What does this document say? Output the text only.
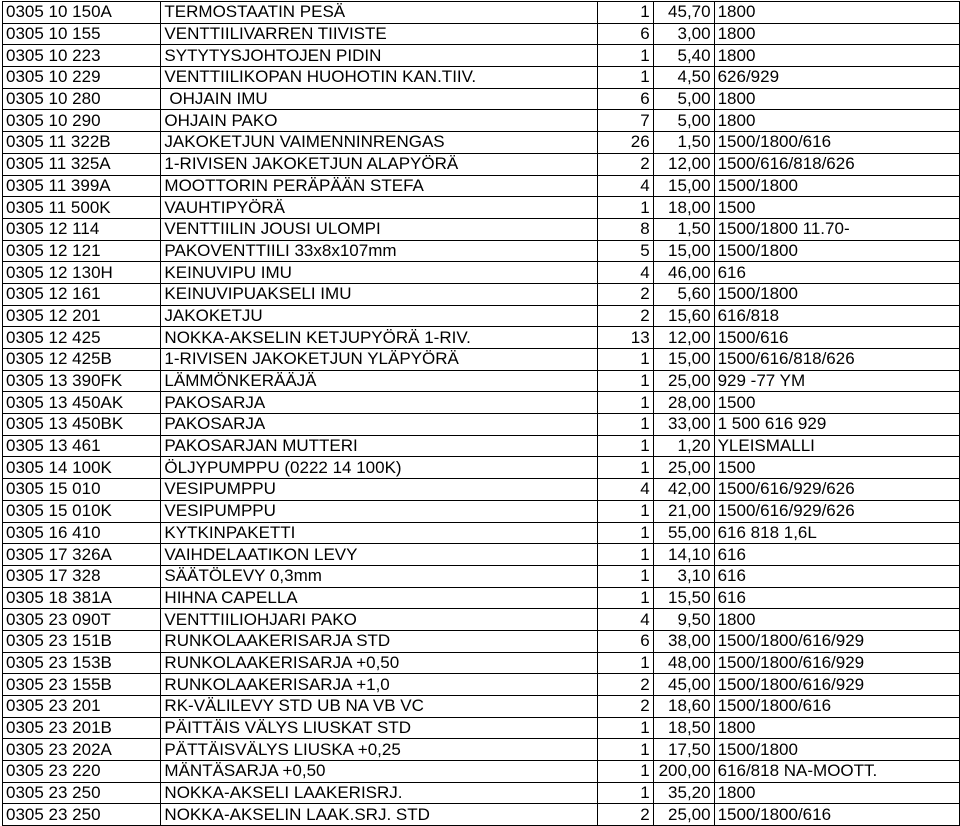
0305 10 150A	TERMOSTAATIN PESÄ	1	45,70	1800
0305 10 155	VENTTIILIVARREN TIIVISTE	6	3,00	1800
0305 10 223	SYTYTYSJOHTOJEN PIDIN	1	5,40	1800
0305 10 229	VENTTIILIKOPAN HUOHOTIN KAN.TIIV.	1	4,50	626/929
0305 10 280	OHJAIN IMU	6	5,00	1800
0305 10 290	OHJAIN PAKO	7	5,00	1800
0305 11 322B	JAKOKETJUN VAIMENNINRENGAS	26	1,50	1500/1800/616
0305 11 325A	1-RIVISEN JAKOKETJUN ALAPYÖRÄ	2	12,00	1500/616/818/626
0305 11 399A	MOOTTORIN PERÄPÄÄN STEFA	4	15,00	1500/1800
0305 11 500K	VAUHTIPYÖRÄ	1	18,00	1500
0305 12 114	VENTTIILIN JOUSI ULOMPI	8	1,50	1500/1800 11.70-
0305 12 121	PAKOVENTTIILI 33x8x107mm	5	15,00	1500/1800
0305 12 130H	KEINUVIPU IMU	4	46,00	616
0305 12 161	KEINUVIPUAKSELI IMU	2	5,60	1500/1800
0305 12 201	JAKOKETJU	2	15,60	616/818
0305 12 425	NOKKA-AKSELIN KETJUPYÖRÄ 1-RIV.	13	12,00	1500/616
0305 12 425B	1-RIVISEN JAKOKETJUN YLÄPYÖRÄ	1	15,00	1500/616/818/626
0305 13 390FK	LÄMMÖNKERÄÄJÄ	1	25,00	929 -77 YM
0305 13 450AK	PAKOSARJA	1	28,00	1500
0305 13 450BK	PAKOSARJA	1	33,00	1 500 616 929
0305 13 461	PAKOSARJAN MUTTERI	1	1,20	YLEISMALLI
0305 14 100K	ÖLJYPUMPPU (0222 14 100K)	1	25,00	1500
0305 15 010	VESIPUMPPU	4	42,00	1500/616/929/626
0305 15 010K	VESIPUMPPU	1	21,00	1500/616/929/626
0305 16 410	KYTKINPAKETTI	1	55,00	616 818 1,6L
0305 17 326A	VAIHDELAATIKON LEVY	1	14,10	616
0305 17 328	SÄÄTÖLEVY 0,3mm	1	3,10	616
0305 18 381A	HIHNA CAPELLA	1	15,50	616
0305 23 090T	VENTTIILIOHJARI PAKO	4	9,50	1800
0305 23 151B	RUNKOLAAKERISARJA STD	6	38,00	1500/1800/616/929
0305 23 153B	RUNKOLAAKERISARJA +0,50	1	48,00	1500/1800/616/929
0305 23 155B	RUNKOLAAKERISARJA +1,0	2	45,00	1500/1800/616/929
0305 23 201	RK-VÄLILEVY STD UB NA VB VC	2	18,60	1500/1800/616
0305 23 201B	PÄITTÄIS VÄLYS LIUSKAT STD	1	18,50	1800
0305 23 202A	PÄTTÄISVÄLYS LIUSKA +0,25	1	17,50	1500/1800
0305 23 220	MÄNTÄSARJA +0,50	1	200,00	616/818 NA-MOOTT.
0305 23 250	NOKKA-AKSELI LAAKERISRJ.	1	35,20	1800
0305 23 250	NOKKA-AKSELIN LAAK.SRJ. STD	2	25,00	1500/1800/616
